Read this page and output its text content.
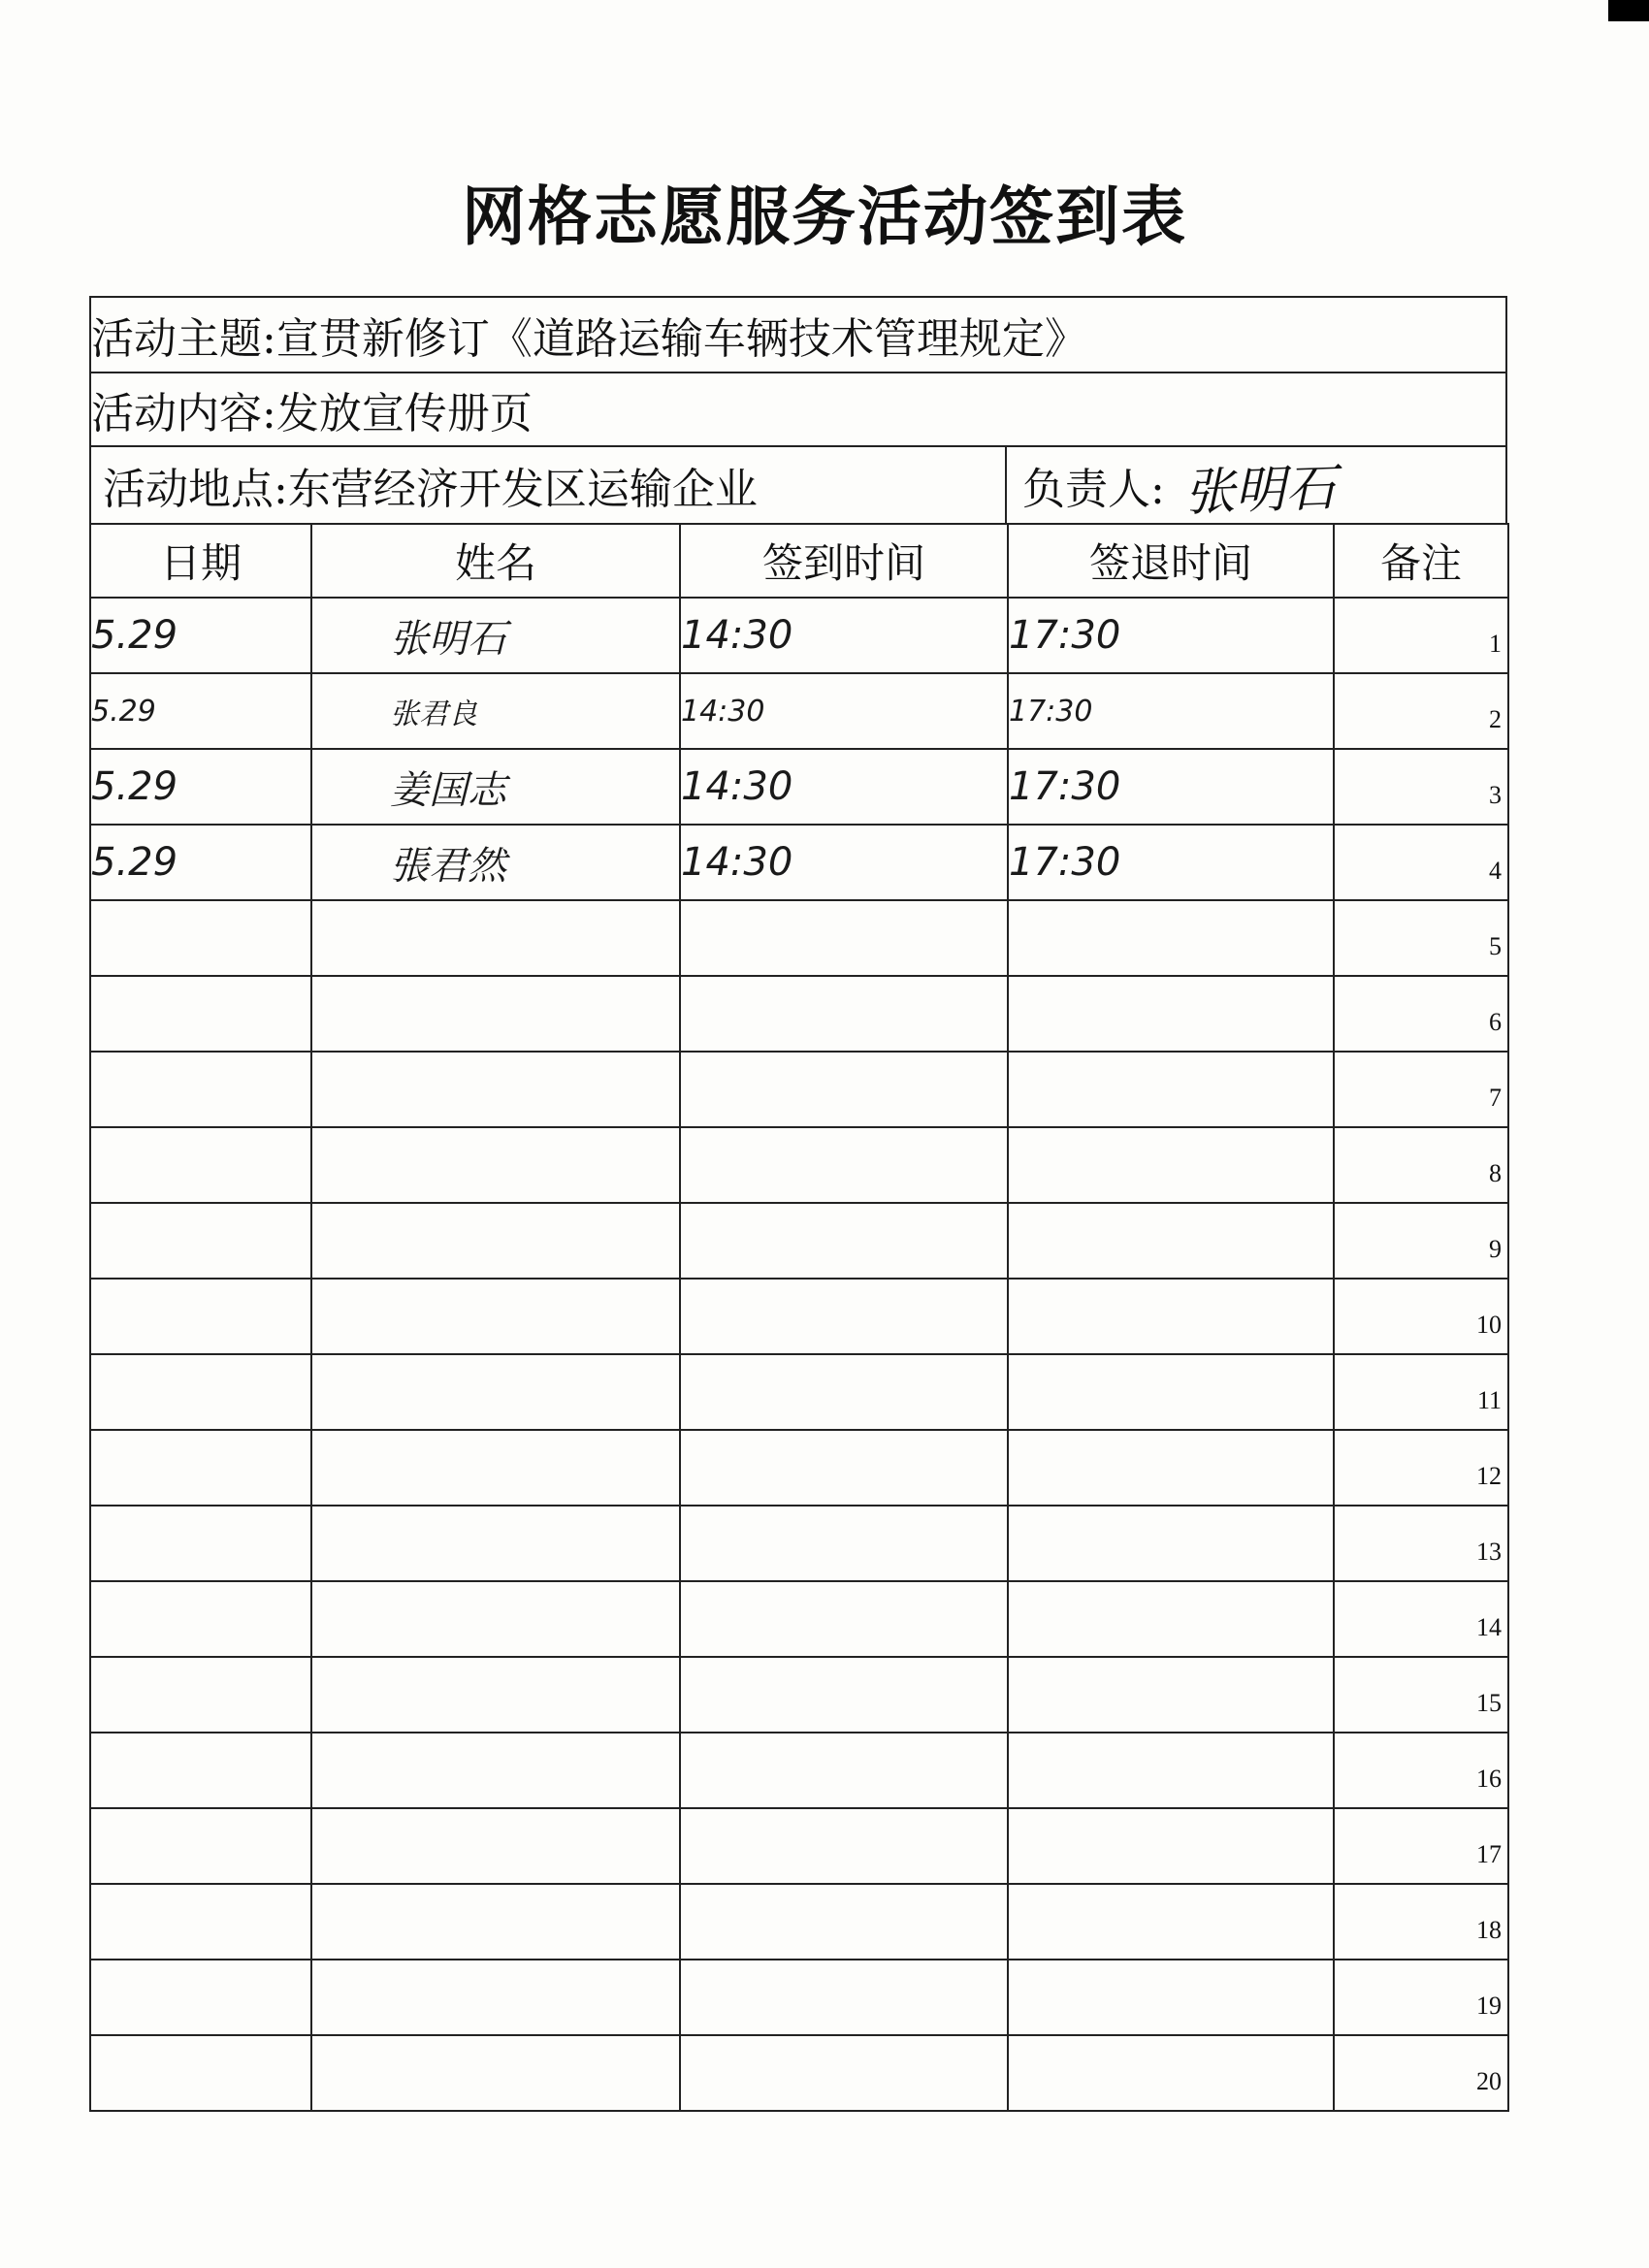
网格志愿服务活动签到表
活动主题: 宣贯新修订《道路运输车辆技术管理规定》
活动内容: 发放宣传册页
活动地点: 东营经济开发区运输企业	负责人: 张明石
日期	姓名	签到时间	签退时间	备注
5.29	张明石	14:30	17:30	1
5.29	张君良	14:30	17:30	2
5.29	姜国志	14:30	17:30	3
5.29	張君然	14:30	17:30	4
				5
				6
				7
				8
				9
				10
				11
				12
				13
				14
				15
				16
				17
				18
				19
				20
